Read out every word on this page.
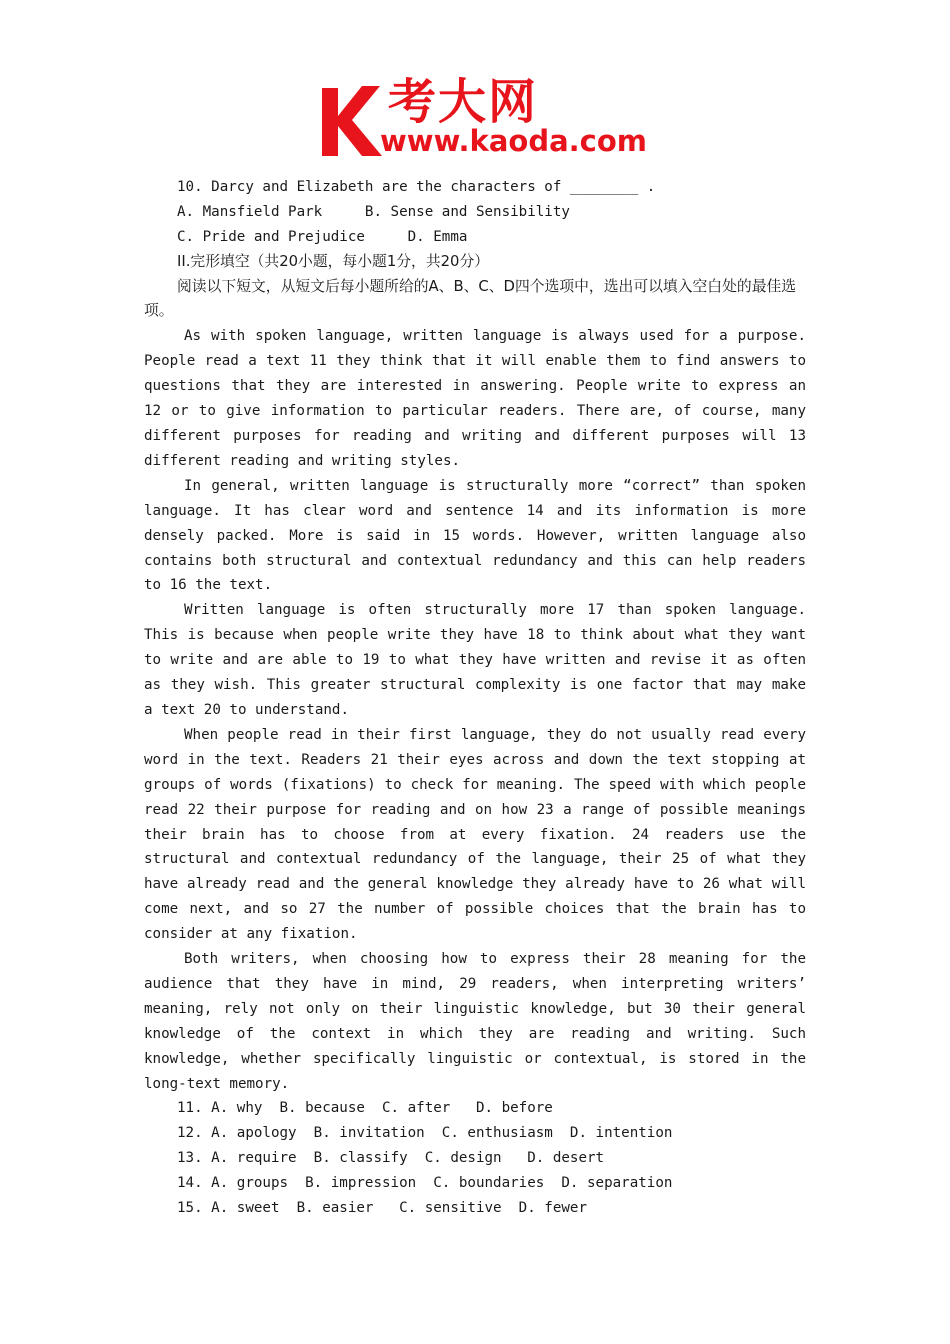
考大网
www.kaoda.com
10. Darcy and Elizabeth are the characters of ________ .
A. Mansfield Park     B. Sense and Sensibility
C. Pride and Prejudice     D. Emma
II.完形填空（共20小题，每小题1分，共20分）
阅读以下短文，从短文后每小题所给的A、B、C、D四个选项中，选出可以填入空白处的最佳选项。

As with spoken language, written language is always used for a purpose. People read a text 11 they think that it will enable them to find answers to questions that they are interested in answering. People write to express an 12 or to give information to particular readers. There are, of course, many different purposes for reading and writing and different purposes will 13 different reading and writing styles.

In general, written language is structurally more “correct” than spoken language. It has clear word and sentence 14 and its information is more densely packed. More is said in 15 words. However, written language also contains both structural and contextual redundancy and this can help readers to 16 the text.

Written language is often structurally more 17 than spoken language. This is because when people write they have 18 to think about what they want to write and are able to 19 to what they have written and revise it as often as they wish. This greater structural complexity is one factor that may make a text 20 to understand.

When people read in their first language, they do not usually read every word in the text. Readers 21 their eyes across and down the text stopping at groups of words (fixations) to check for meaning. The speed with which people read 22 their purpose for reading and on how 23 a range of possible meanings their brain has to choose from at every fixation. 24 readers use the structural and contextual redundancy of the language, their 25 of what they have already read and the general knowledge they already have to 26 what will come next, and so 27 the number of possible choices that the brain has to consider at any fixation.

Both writers, when choosing how to express their 28 meaning for the audience that they have in mind, 29 readers, when interpreting writers’ meaning, rely not only on their linguistic knowledge, but 30 their general knowledge of the context in which they are reading and writing. Such knowledge, whether specifically linguistic or contextual, is stored in the long-text memory.

11. A. why  B. because  C. after   D. before
12. A. apology  B. invitation  C. enthusiasm  D. intention
13. A. require  B. classify  C. design   D. desert
14. A. groups  B. impression  C. boundaries  D. separation
15. A. sweet  B. easier   C. sensitive  D. fewer
